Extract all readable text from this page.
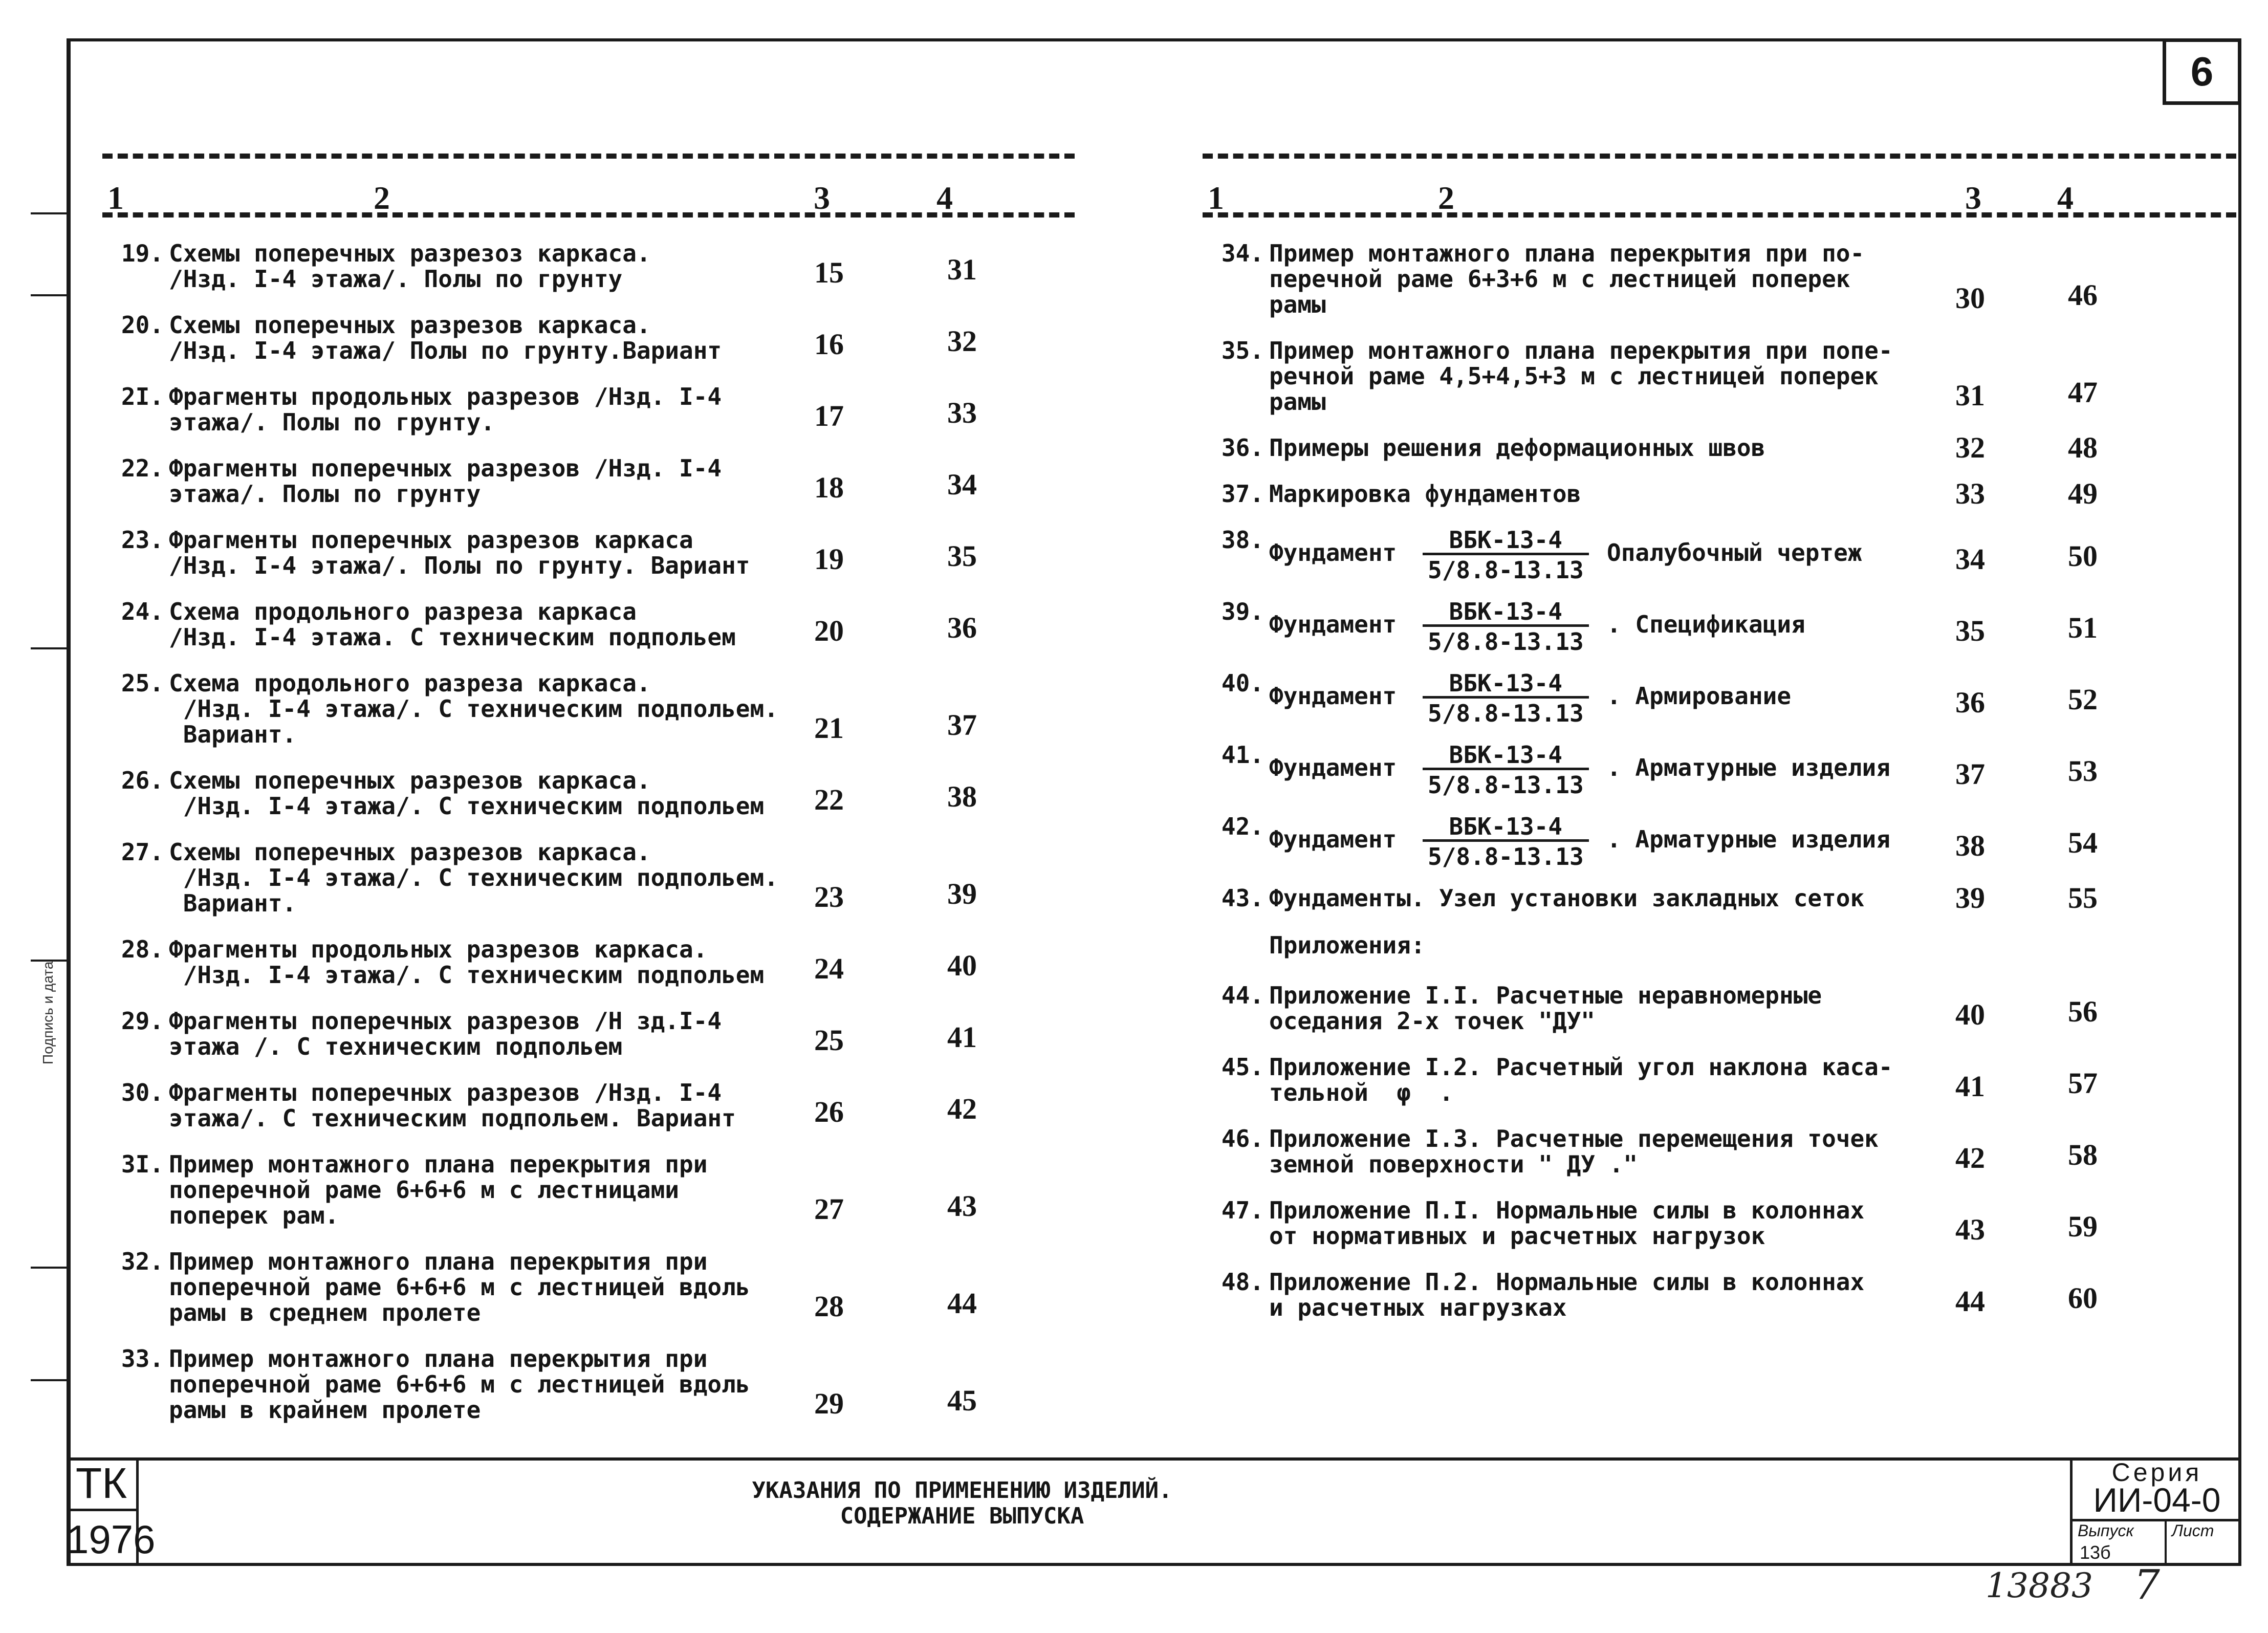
6
Подпись и дата
1	2	3	4
19. Схемы поперечных разрезоз каркаса.
/Нзд. I-4 этажа/. Полы по грунту	15	31
20. Схемы поперечных разрезов каркаса.
/Нзд. I-4 этажа/ Полы по грунту.Вариант	16	32
2I. Фрагменты продольных разрезов /Нзд. I-4
этажа/. Полы по грунту.	17	33
22. Фрагменты поперечных разрезов /Нзд. I-4
этажа/. Полы по грунту	18	34
23. Фрагменты поперечных разрезов каркаса
/Нзд. I-4 этажа/. Полы по грунту. Вариант	19	35
24. Схема продольного разреза каркаса
/Нзд. I-4 этажа. С техническим подпольем	20	36
25. Схема продольного разреза каркаса.
/Нзд. I-4 этажа/. С техническим подпольем.
Вариант.	21	37
26. Схемы поперечных разрезов каркаса.
/Нзд. I-4 этажа/. С техническим подпольем	22	38
27. Схемы поперечных разрезов каркаса.
/Нзд. I-4 этажа/. С техническим подпольем.
Вариант.	23	39
28. Фрагменты продольных разрезов каркаса.
/Нзд. I-4 этажа/. С техническим подпольем	24	40
29. Фрагменты поперечных разрезов /Н зд.I-4
этажа /. С техническим подпольем	25	41
30. Фрагменты поперечных разрезов /Нзд. I-4
этажа/. С техническим подпольем. Вариант	26	42
3I. Пример монтажного плана перекрытия при
поперечной раме 6+6+6 м с лестницами
поперек рам.	27	43
32. Пример монтажного плана перекрытия при
поперечной раме 6+6+6 м с лестницей вдоль
рамы в среднем пролете	28	44
33. Пример монтажного плана перекрытия при
поперечной раме 6+6+6 м с лестницей вдоль
рамы в крайнем пролете	29	45
1	2	3 4
34. Пример монтажного плана перекрытия при по-
перечной раме 6+3+6 м с лестницей поперек
рамы	30	46
35. Пример монтажного плана перекрытия при попе-
речной раме 4,5+4,5+3 м с лестницей поперек
рамы	31	47
36. Примеры решения деформационных швов	32	48
37. Маркировка фундаментов	33	49
38. Фундамент	ВБК-13-4
5/8.8-13.13
Опалубочный чертеж	34	50
39. Фундамент	ВБК-13-4
5/8.8-13.13
. Спецификация	35	51
40. Фундамент	ВБК-13-4
5/8.8-13.13
. Армирование	36	52
41. Фундамент	ВБК-13-4
5/8.8-13.13
. Арматурные изделия	37	53
42. Фундамент	ВБК-13-4
5/8.8-13.13
. Арматурные изделия	38	54
43. Фундаменты. Узел установки закладных сеток	39	55
Приложения:
44. Приложение I.I. Расчетные неравномерные
оседания 2-х точек "ДУ"	40	56
45. Приложение I.2. Расчетный угол наклона каса-
тельной  φ  .	41	57
46. Приложение I.3. Расчетные перемещения точек
земной поверхности " ДУ ."	42	58
47. Приложение П.I. Нормальные силы в колоннах
от нормативных и расчетных нагрузок	43	59
48. Приложение П.2. Нормальные силы в колоннах
и расчетных нагрузках	44	60
ТК
1976
УКАЗАНИЯ ПО ПРИМЕНЕНИЮ ИЗДЕЛИЙ.
СОДЕРЖАНИЕ ВЫПУСКА
Серия
ИИ-04-0
Выпуск
13б
Лист
13883 7
